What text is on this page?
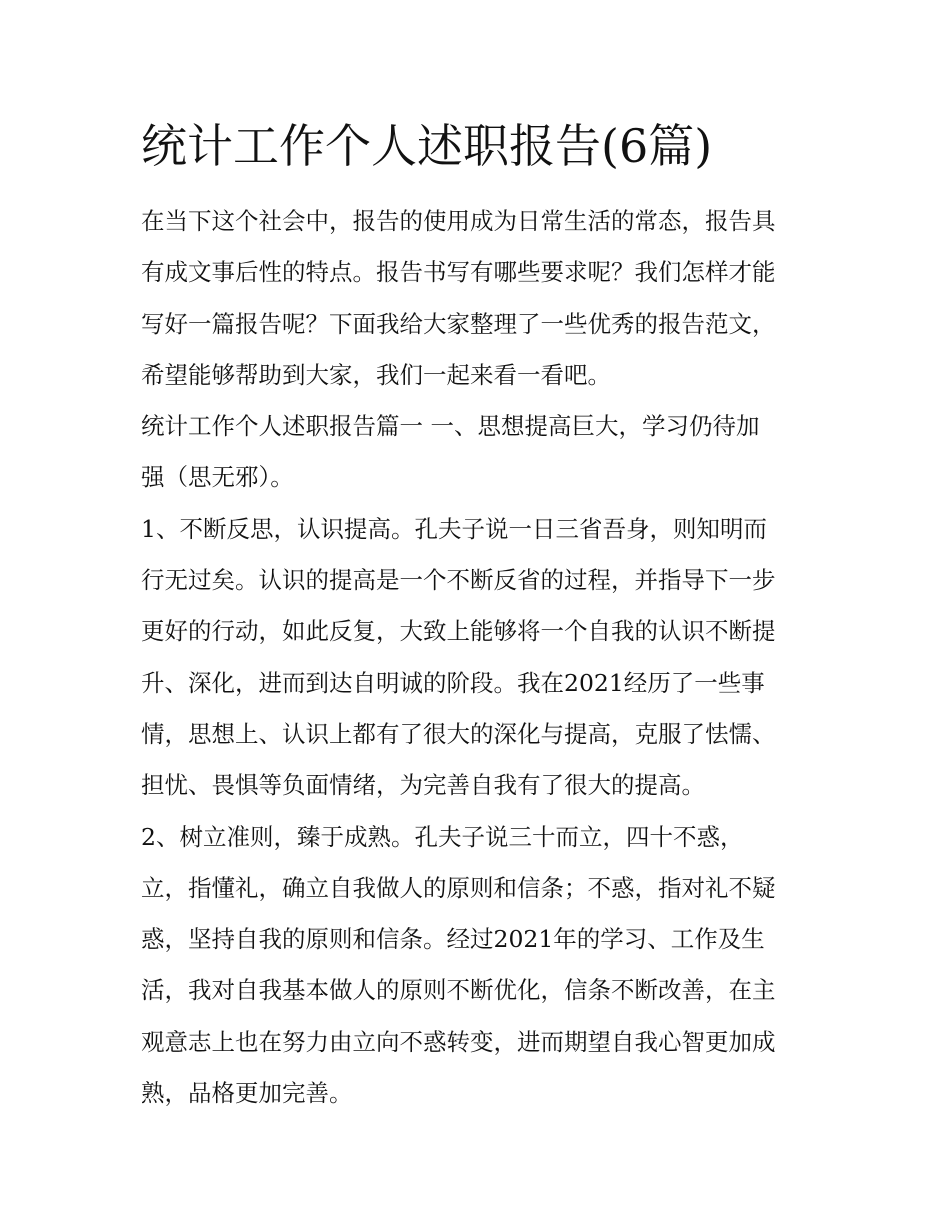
统计工作个人述职报告(6篇)
在当下这个社会中，报告的使用成为日常生活的常态，报告具
有成文事后性的特点。报告书写有哪些要求呢？我们怎样才能
写好一篇报告呢？下面我给大家整理了一些优秀的报告范文，
希望能够帮助到大家，我们一起来看一看吧。
统计工作个人述职报告篇一 一、思想提高巨大，学习仍待加
强（思无邪）。
1、不断反思，认识提高。孔夫子说一日三省吾身，则知明而
行无过矣。认识的提高是一个不断反省的过程，并指导下一步
更好的行动，如此反复，大致上能够将一个自我的认识不断提
升、深化，进而到达自明诚的阶段。我在2021经历了一些事
情，思想上、认识上都有了很大的深化与提高，克服了怯懦、
担忧、畏惧等负面情绪，为完善自我有了很大的提高。
2、树立准则，臻于成熟。孔夫子说三十而立，四十不惑，
立，指懂礼，确立自我做人的原则和信条；不惑，指对礼不疑
惑，坚持自我的原则和信条。经过2021年的学习、工作及生
活，我对自我基本做人的原则不断优化，信条不断改善，在主
观意志上也在努力由立向不惑转变，进而期望自我心智更加成
熟，品格更加完善。
